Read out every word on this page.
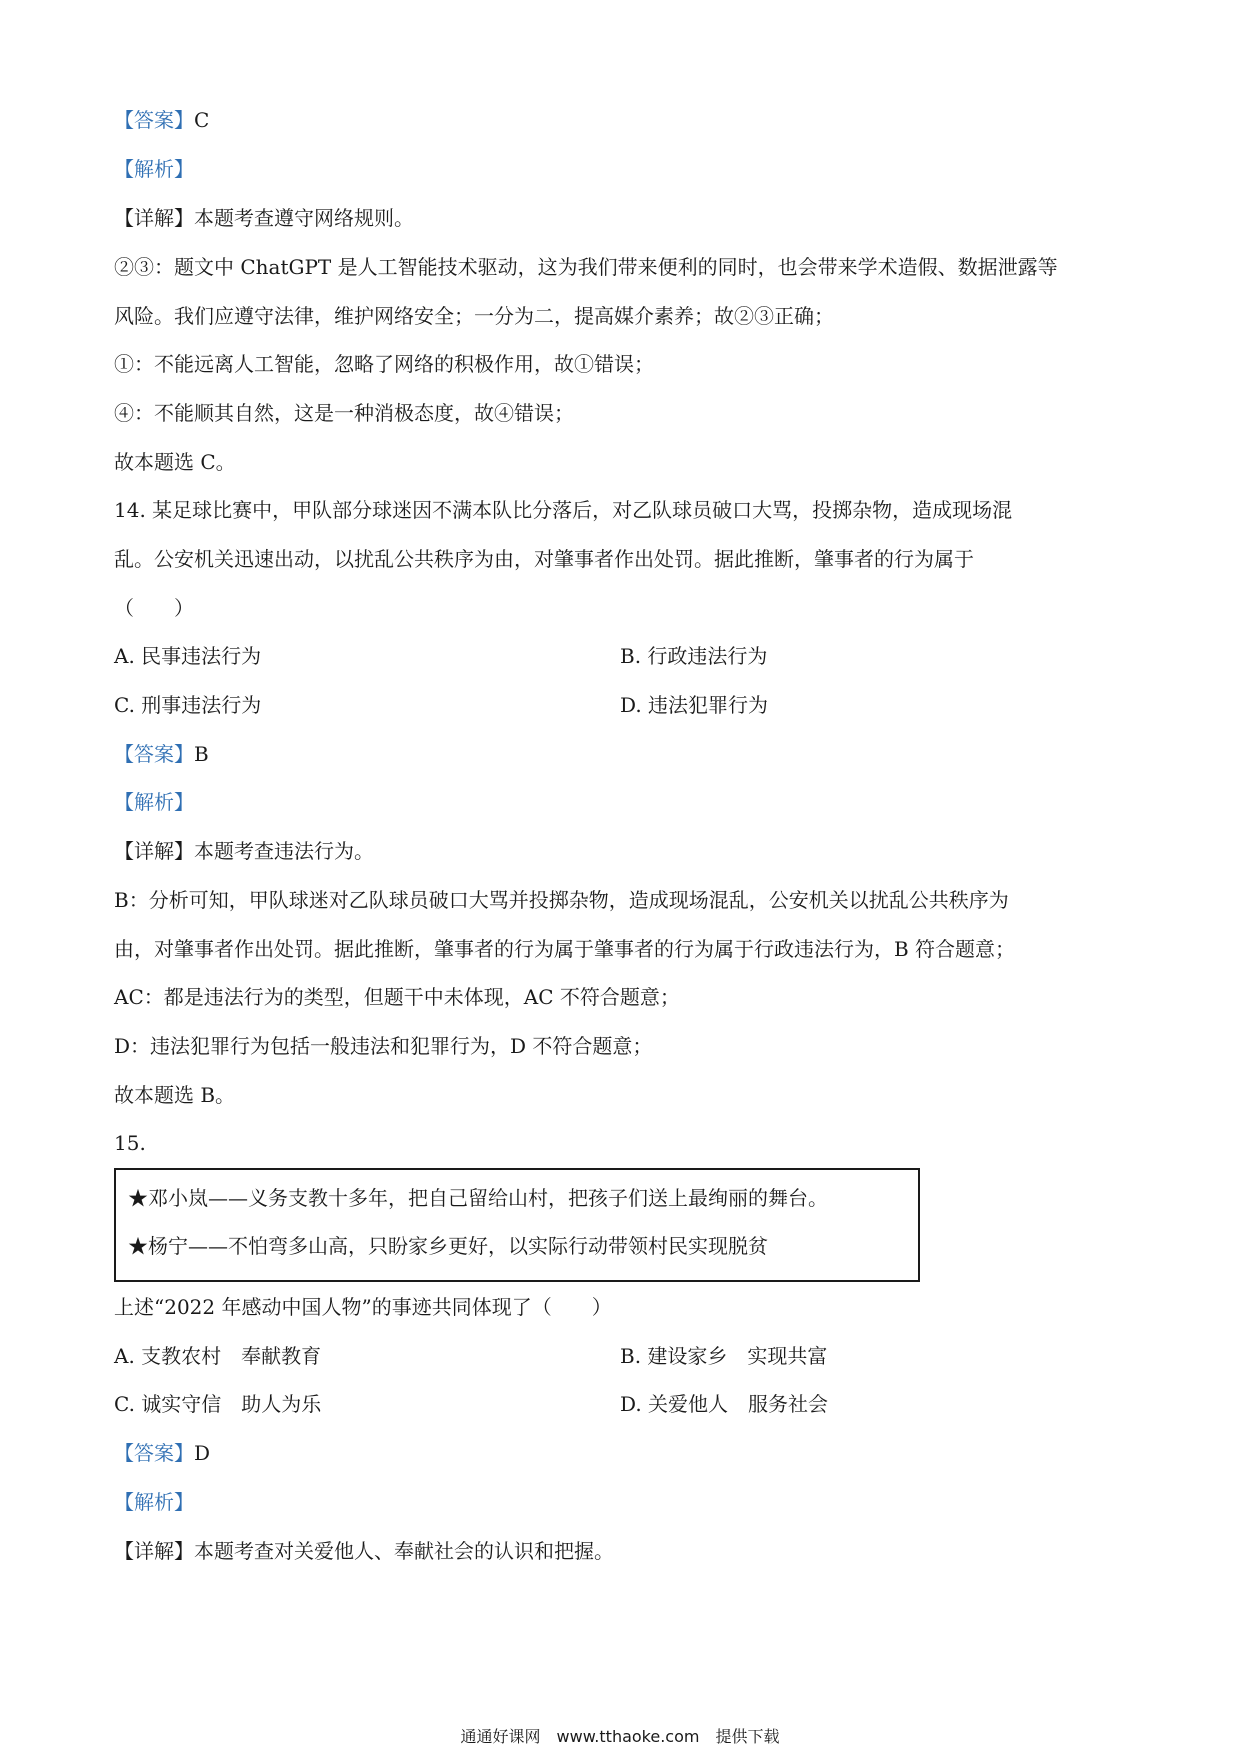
【答案】C
【解析】
【详解】本题考查遵守网络规则。
②③：题文中 ChatGPT 是人工智能技术驱动，这为我们带来便利的同时，也会带来学术造假、数据泄露等
风险。我们应遵守法律，维护网络安全；一分为二，提高媒介素养；故②③正确；
①：不能远离人工智能，忽略了网络的积极作用，故①错误；
④：不能顺其自然，这是一种消极态度，故④错误；
故本题选 C。
14. 某足球比赛中，甲队部分球迷因不满本队比分落后，对乙队球员破口大骂，投掷杂物，造成现场混
乱。公安机关迅速出动，以扰乱公共秩序为由，对肇事者作出处罚。据此推断，肇事者的行为属于
（　　）
A. 民事违法行为	B. 行政违法行为
C. 刑事违法行为	D. 违法犯罪行为
【答案】B
【解析】
【详解】本题考查违法行为。
B：分析可知，甲队球迷对乙队球员破口大骂并投掷杂物，造成现场混乱，公安机关以扰乱公共秩序为
由，对肇事者作出处罚。据此推断，肇事者的行为属于肇事者的行为属于行政违法行为，B 符合题意；
AC：都是违法行为的类型，但题干中未体现，AC 不符合题意；
D：违法犯罪行为包括一般违法和犯罪行为，D 不符合题意；
故本题选 B。
15.
★邓小岚——义务支教十多年，把自己留给山村，把孩子们送上最绚丽的舞台。
★杨宁——不怕弯多山高，只盼家乡更好，以实际行动带领村民实现脱贫
上述“2022 年感动中国人物”的事迹共同体现了（　　）
A. 支教农村　奉献教育	B. 建设家乡　实现共富
C. 诚实守信　助人为乐	D. 关爱他人　服务社会
【答案】D
【解析】
【详解】本题考查对关爱他人、奉献社会的认识和把握。
通通好课网　www.tthaoke.com　提供下载
